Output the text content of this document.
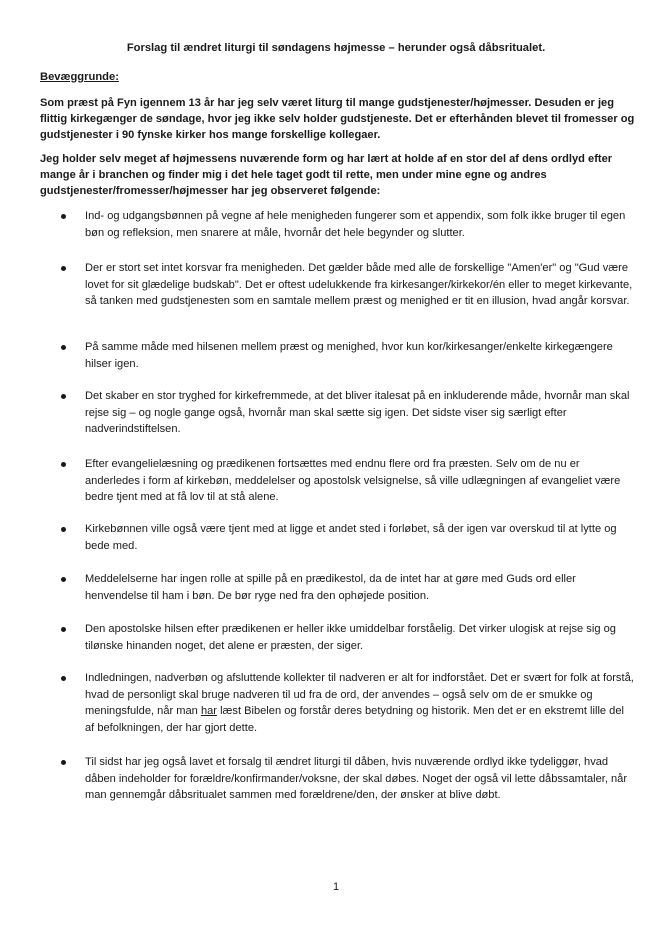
Forslag til ændret liturgi til søndagens højmesse – herunder også dåbsritualet.
Bevæggrunde:

Som præst på Fyn igennem 13 år har jeg selv været liturg til mange gudstjenester/højmesser. Desuden er jeg flittig kirkegænger de søndage, hvor jeg ikke selv holder gudstjeneste. Det er efterhånden blevet til fromesser og gudstjenester i 90 fynske kirker hos mange forskellige kollegaer.

Jeg holder selv meget af højmessens nuværende form og har lært at holde af en stor del af dens ordlyd efter mange år i branchen og finder mig i det hele taget godt til rette, men under mine egne og andres gudstjenester/fromesser/højmesser har jeg observeret følgende:

Ind- og udgangsbønnen på vegne af hele menigheden fungerer som et appendix, som folk ikke bruger til egen bøn og refleksion, men snarere at måle, hvornår det hele begynder og slutter.
Der er stort set intet korsvar fra menigheden. Det gælder både med alle de forskellige "Amen'er" og "Gud være lovet for sit glædelige budskab". Det er oftest udelukkende fra kirkesanger/kirkekor/én eller to meget kirkevante, så tanken med gudstjenesten som en samtale mellem præst og menighed er tit en illusion, hvad angår korsvar.
På samme måde med hilsenen mellem præst og menighed, hvor kun kor/kirkesanger/enkelte kirkegængere hilser igen.
Det skaber en stor tryghed for kirkefremmede, at det bliver italesat på en inkluderende måde, hvornår man skal rejse sig – og nogle gange også, hvornår man skal sætte sig igen. Det sidste viser sig særligt efter nadverindstiftelsen.
Efter evangelielæsning og prædikenen fortsættes med endnu flere ord fra præsten. Selv om de nu er anderledes i form af kirkebøn, meddelelser og apostolsk velsignelse, så ville udlægningen af evangeliet være bedre tjent med at få lov til at stå alene.
Kirkebønnen ville også være tjent med at ligge et andet sted i forløbet, så der igen var overskud til at lytte og bede med.
Meddelelserne har ingen rolle at spille på en prædikestol, da de intet har at gøre med Guds ord eller henvendelse til ham i bøn. De bør ryge ned fra den ophøjede position.
Den apostolske hilsen efter prædikenen er heller ikke umiddelbar forståelig. Det virker ulogisk at rejse sig og tilønske hinanden noget, det alene er præsten, der siger.
Indledningen, nadverbøn og afsluttende kollekter til nadveren er alt for indforstået. Det er svært for folk at forstå, hvad de personligt skal bruge nadveren til ud fra de ord, der anvendes – også selv om de er smukke og meningsfulde, når man har læst Bibelen og forstår deres betydning og historik. Men det er en ekstremt lille del af befolkningen, der har gjort dette.
Til sidst har jeg også lavet et forsalg til ændret liturgi til dåben, hvis nuværende ordlyd ikke tydeliggør, hvad dåben indeholder for forældre/konfirmander/voksne, der skal døbes. Noget der også vil lette dåbssamtaler, når man gennemgår dåbsritualet sammen med forældrene/den, der ønsker at blive døbt.
1
